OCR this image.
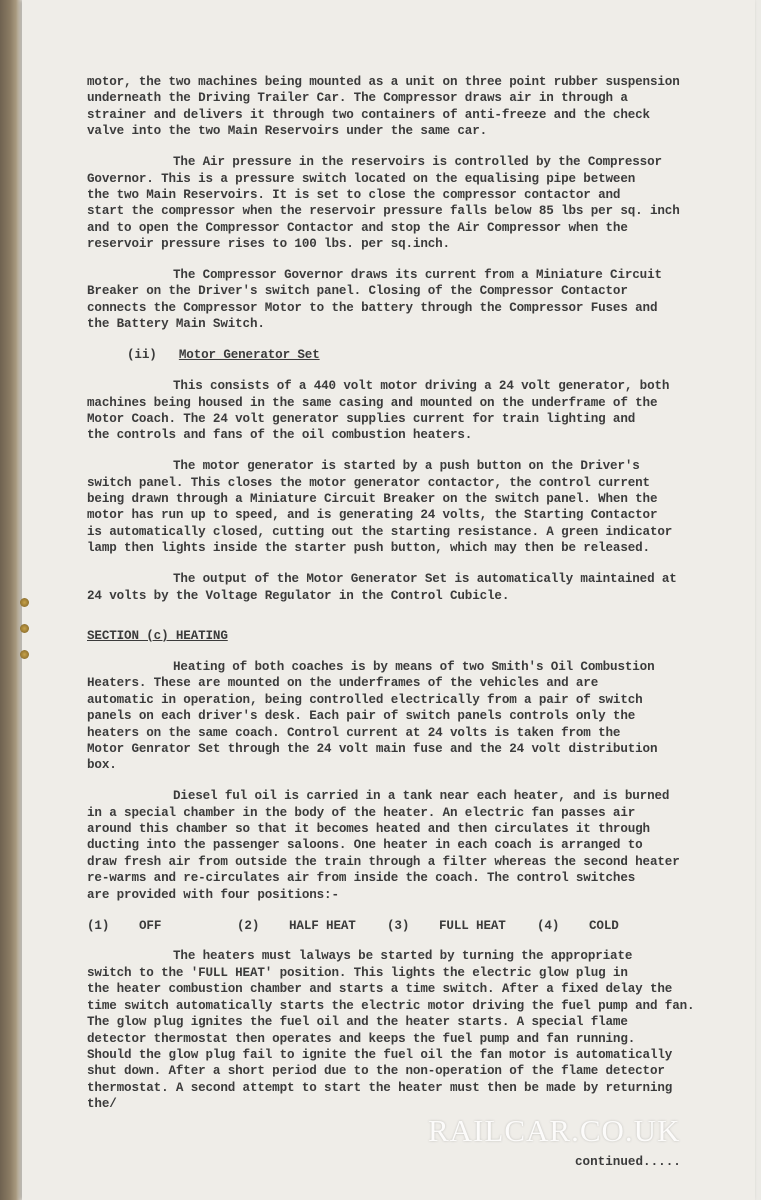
motor, the two machines being mounted as a unit on three point rubber suspension
underneath the Driving Trailer Car. The Compressor draws air in through a
strainer and delivers it through two containers of anti-freeze and the check
valve into the two Main Reservoirs under the same car.

The Air pressure in the reservoirs is controlled by the Compressor
Governor. This is a pressure switch located on the equalising pipe between
the two Main Reservoirs. It is set to close the compressor contactor and
start the compressor when the reservoir pressure falls below 85 lbs per sq. inch
and to open the Compressor Contactor and stop the Air Compressor when the
reservoir pressure rises to 100 lbs. per sq.inch.

The Compressor Governor draws its current from a Miniature Circuit
Breaker on the Driver's switch panel. Closing of the Compressor Contactor
connects the Compressor Motor to the battery through the Compressor Fuses and
the Battery Main Switch.

(ii) Motor Generator Set

This consists of a 440 volt motor driving a 24 volt generator, both
machines being housed in the same casing and mounted on the underframe of the
Motor Coach. The 24 volt generator supplies current for train lighting and
the controls and fans of the oil combustion heaters.

The motor generator is started by a push button on the Driver's
switch panel. This closes the motor generator contactor, the control current
being drawn through a Miniature Circuit Breaker on the switch panel. When the
motor has run up to speed, and is generating 24 volts, the Starting Contactor
is automatically closed, cutting out the starting resistance. A green indicator
lamp then lights inside the starter push button, which may then be released.

The output of the Motor Generator Set is automatically maintained at
24 volts by the Voltage Regulator in the Control Cubicle.

SECTION (c) HEATING

Heating of both coaches is by means of two Smith's Oil Combustion
Heaters. These are mounted on the underframes of the vehicles and are
automatic in operation, being controlled electrically from a pair of switch
panels on each driver's desk. Each pair of switch panels controls only the
heaters on the same coach. Control current at 24 volts is taken from the
Motor Genrator Set through the 24 volt main fuse and the 24 volt distribution
box.

Diesel ful oil is carried in a tank near each heater, and is burned
in a special chamber in the body of the heater. An electric fan passes air
around this chamber so that it becomes heated and then circulates it through
ducting into the passenger saloons. One heater in each coach is arranged to
draw fresh air from outside the train through a filter whereas the second heater
re-warms and re-circulates air from inside the coach. The control switches
are provided with four positions:-

(1)	OFF	(2)	HALF HEAT (3)	FULL HEAT (4)	COLD

The heaters must lalways be started by turning the appropriate
switch to the 'FULL HEAT' position. This lights the electric glow plug in
the heater combustion chamber and starts a time switch. After a fixed delay the
time switch automatically starts the electric motor driving the fuel pump and fan.
The glow plug ignites the fuel oil and the heater starts. A special flame
detector thermostat then operates and keeps the fuel pump and fan running.
Should the glow plug fail to ignite the fuel oil the fan motor is automatically
shut down. After a short period due to the non-operation of the flame detector
thermostat. A second attempt to start the heater must then be made by returning
the/

RAILCAR.CO.UK
continued.....
